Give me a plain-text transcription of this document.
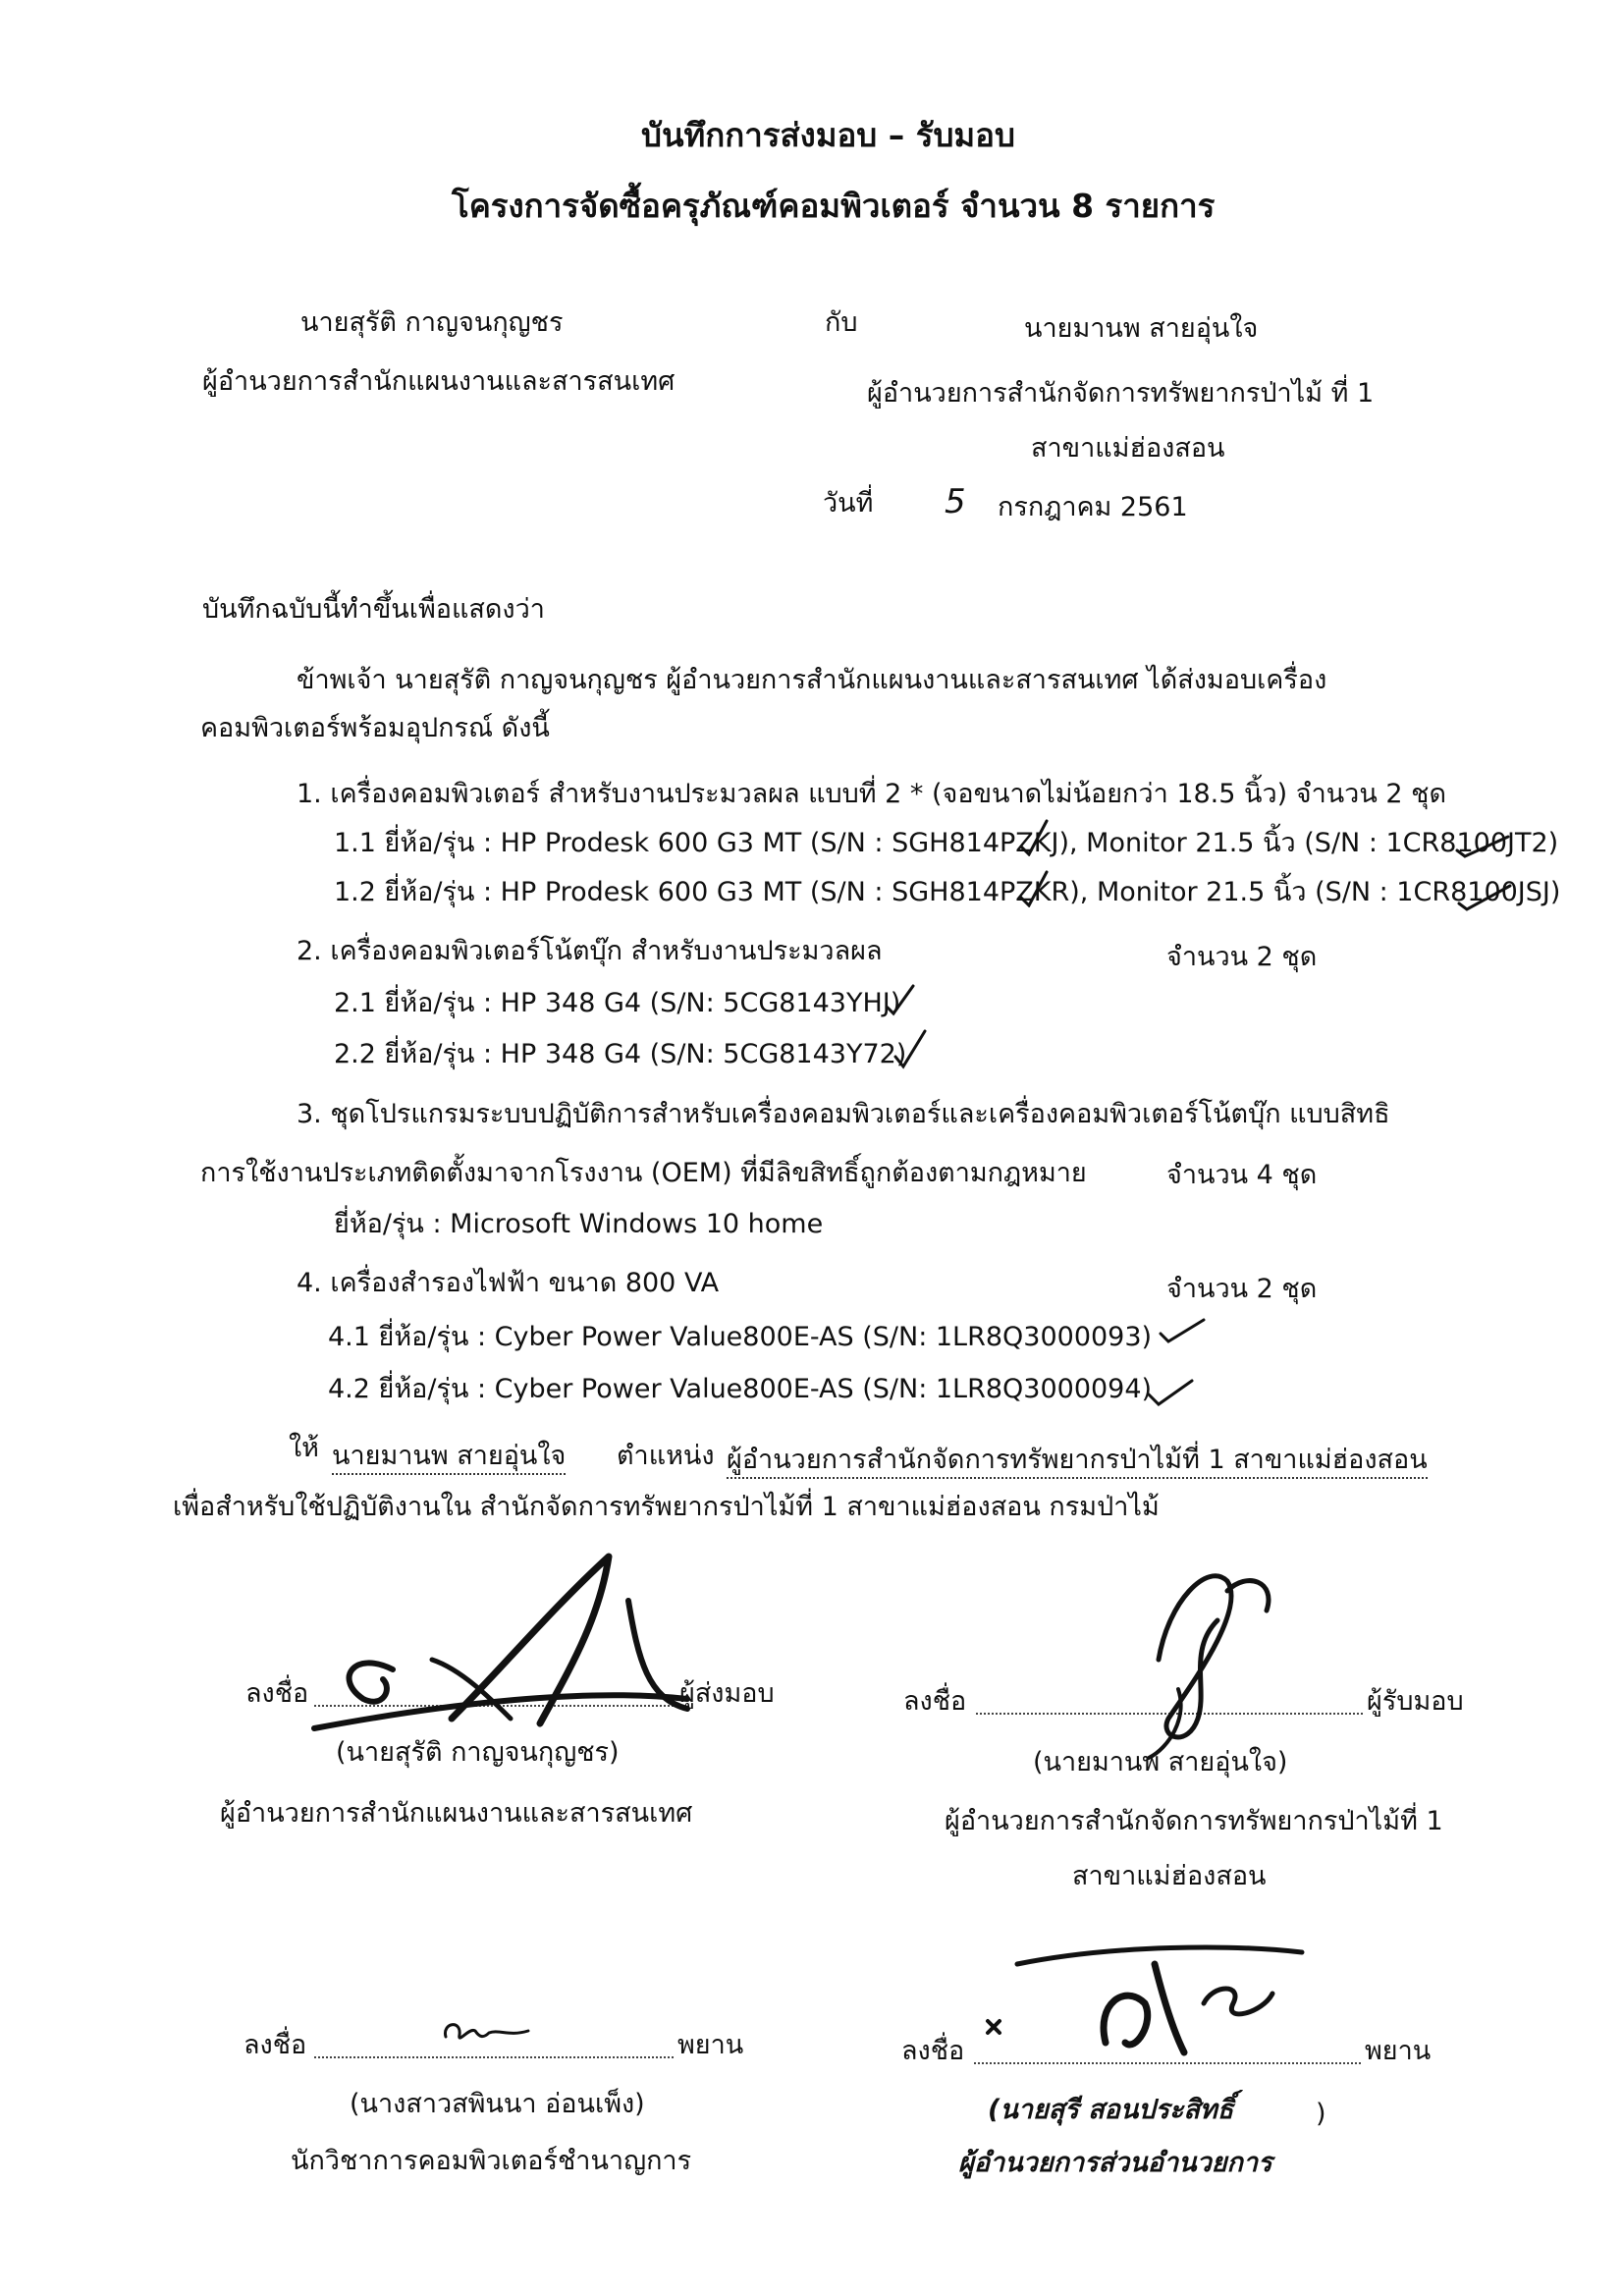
บันทึกการส่งมอบ – รับมอบ
โครงการจัดซื้อครุภัณฑ์คอมพิวเตอร์ จำนวน 8 รายการ
นายสุรัติ กาญจนกุญชร
ผู้อำนวยการสำนักแผนงานและสารสนเทศ
กับ	นายมานพ สายอุ่นใจ
ผู้อำนวยการสำนักจัดการทรัพยากรป่าไม้ ที่ 1
สาขาแม่ฮ่องสอน
วันที่ 5 กรกฎาคม 2561
บันทึกฉบับนี้ทำขึ้นเพื่อแสดงว่า
ข้าพเจ้า นายสุรัติ กาญจนกุญชร ผู้อำนวยการสำนักแผนงานและสารสนเทศ ได้ส่งมอบเครื่อง
คอมพิวเตอร์พร้อมอุปกรณ์ ดังนี้
1. เครื่องคอมพิวเตอร์ สำหรับงานประมวลผล แบบที่ 2 * (จอขนาดไม่น้อยกว่า 18.5 นิ้ว) จำนวน 2 ชุด
1.1 ยี่ห้อ/รุ่น : HP Prodesk 600 G3 MT (S/N : SGH814PZKJ), Monitor 21.5 นิ้ว (S/N : 1CR8100JT2)
1.2 ยี่ห้อ/รุ่น : HP Prodesk 600 G3 MT (S/N : SGH814PZKR), Monitor 21.5 นิ้ว (S/N : 1CR8100JSJ)
2. เครื่องคอมพิวเตอร์โน้ตบุ๊ก สำหรับงานประมวลผล	จำนวน 2 ชุด
2.1 ยี่ห้อ/รุ่น : HP 348 G4 (S/N: 5CG8143YHJ)
2.2 ยี่ห้อ/รุ่น : HP 348 G4 (S/N: 5CG8143Y72)
3. ชุดโปรแกรมระบบปฏิบัติการสำหรับเครื่องคอมพิวเตอร์และเครื่องคอมพิวเตอร์โน้ตบุ๊ก แบบสิทธิ
การใช้งานประเภทติดตั้งมาจากโรงงาน (OEM) ที่มีลิขสิทธิ์ถูกต้องตามกฎหมาย	จำนวน 4 ชุด
ยี่ห้อ/รุ่น : Microsoft Windows 10 home
4. เครื่องสำรองไฟฟ้า ขนาด 800 VA	จำนวน 2 ชุด
4.1 ยี่ห้อ/รุ่น : Cyber Power Value800E-AS (S/N: 1LR8Q3000093)
4.2 ยี่ห้อ/รุ่น : Cyber Power Value800E-AS (S/N: 1LR8Q3000094)
ให้ นายมานพ สายอุ่นใจ ตำแหน่ง ผู้อำนวยการสำนักจัดการทรัพยากรป่าไม้ที่ 1 สาขาแม่ฮ่องสอน
เพื่อสำหรับใช้ปฏิบัติงานใน สำนักจัดการทรัพยากรป่าไม้ที่ 1 สาขาแม่ฮ่องสอน กรมป่าไม้
ลงชื่อ	ผู้ส่งมอบ
(นายสุรัติ กาญจนกุญชร)
ผู้อำนวยการสำนักแผนงานและสารสนเทศ
ลงชื่อ	ผู้รับมอบ
(นายมานพ สายอุ่นใจ)
ผู้อำนวยการสำนักจัดการทรัพยากรป่าไม้ที่ 1
สาขาแม่ฮ่องสอน
ลงชื่อ	พยาน
(นางสาวสพินนา อ่อนเพ็ง)
นักวิชาการคอมพิวเตอร์ชำนาญการ
ลงชื่อ	พยาน
(นายสุรี สอนประสิทธิ์	)
ผู้อำนวยการส่วนอำนวยการ
